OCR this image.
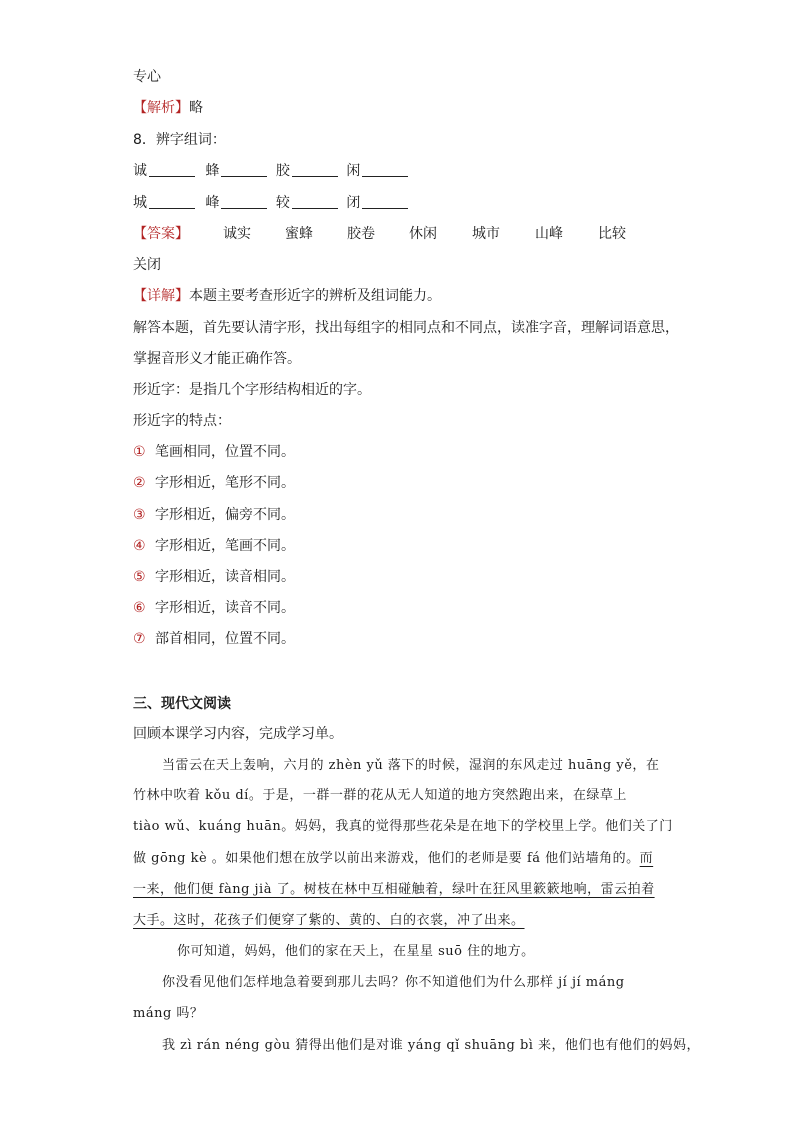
专心
【解析】略
8．辨字组词：
诚	蜂	胶	闲
城	峰	较	闭
【答案】 诚实 蜜蜂 胶卷 休闲	城市	山峰	比较
关闭
【详解】本题主要考查形近字的辨析及组词能力。
解答本题，首先要认清字形，找出每组字的相同点和不同点，读准字音，理解词语意思，
掌握音形义才能正确作答。
形近字：是指几个字形结构相近的字。
形近字的特点：
① 笔画相同，位置不同。
② 字形相近，笔形不同。
③ 字形相近，偏旁不同。
④ 字形相近，笔画不同。
⑤ 字形相近，读音相同。
⑥ 字形相近，读音不同。
⑦ 部首相同，位置不同。
三、现代文阅读
回顾本课学习内容，完成学习单。
当雷云在天上轰响，六月的 zhèn yǔ 落下的时候，湿润的东风走过 huāng yě，在
竹林中吹着 kǒu dí。于是，一群一群的花从无人知道的地方突然跑出来，在绿草上
tiào wǔ、kuáng huān。妈妈，我真的觉得那些花朵是在地下的学校里上学。他们关了门
做 gōng kè 。如果他们想在放学以前出来游戏，他们的老师是要 fá 他们站墙角的。而
一来，他们便 fàng jià 了。树枝在林中互相碰触着，绿叶在狂风里簌簌地响，雷云拍着
大手。这时，花孩子们便穿了紫的、黄的、白的衣裳，冲了出来。
你可知道，妈妈，他们的家在天上，在星星 suō 住的地方。
你没看见他们怎样地急着要到那儿去吗？你不知道他们为什么那样 jí jí máng
máng 吗？
我 zì rán néng gòu 猜得出他们是对谁 yáng qǐ shuāng bì 来，他们也有他们的妈妈，
